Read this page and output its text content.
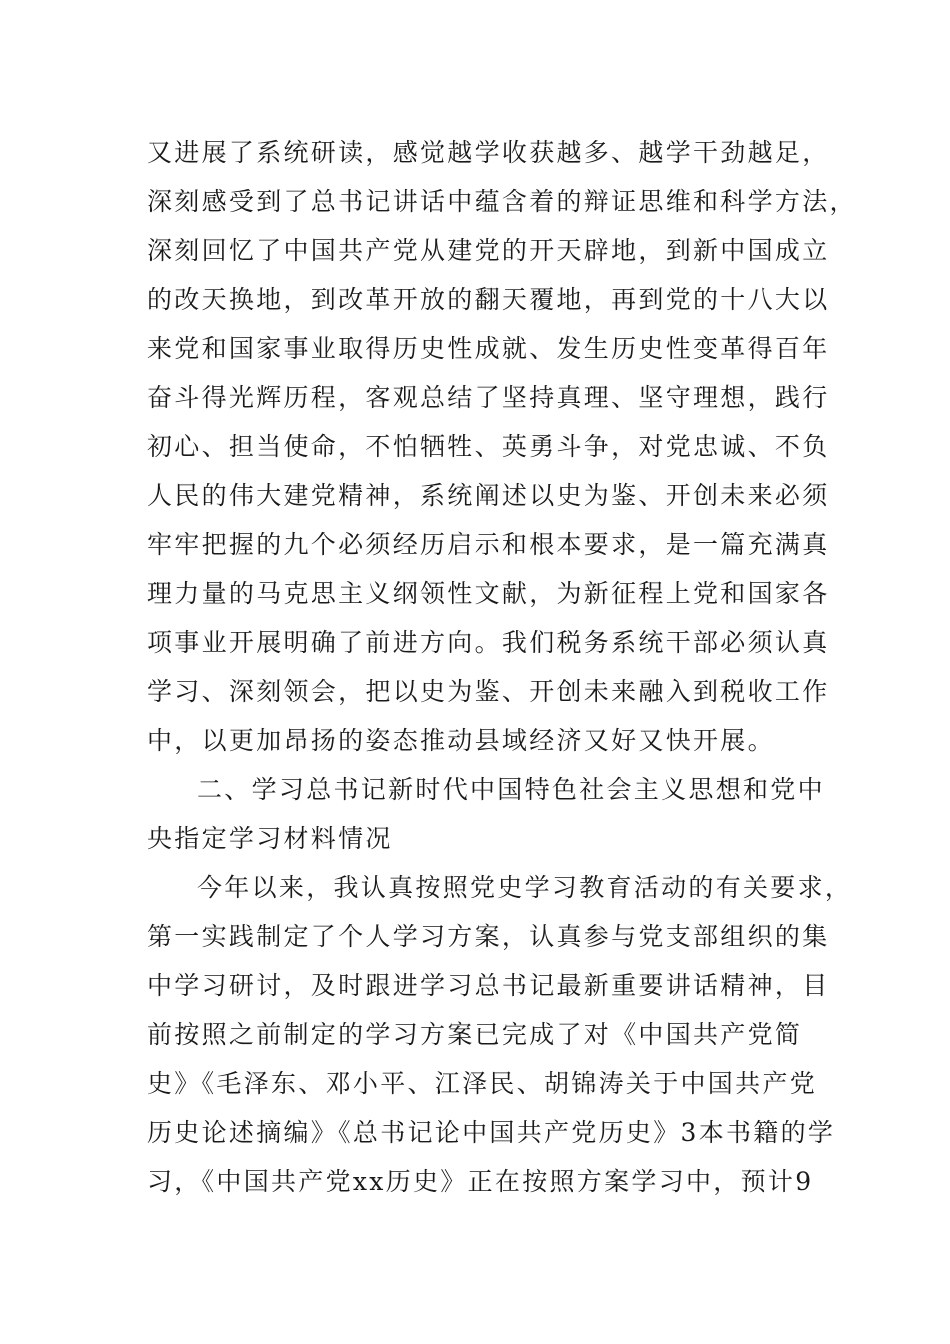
又进展了系统研读，感觉越学收获越多、越学干劲越足，
深刻感受到了总书记讲话中蕴含着的辩证思维和科学方法，
深刻回忆了中国共产党从建党的开天辟地，到新中国成立
的改天换地，到改革开放的翻天覆地，再到党的十八大以
来党和国家事业取得历史性成就、发生历史性变革得百年
奋斗得光辉历程，客观总结了坚持真理、坚守理想，践行
初心、担当使命，不怕牺牲、英勇斗争，对党忠诚、不负
人民的伟大建党精神，系统阐述以史为鉴、开创未来必须
牢牢把握的九个必须经历启示和根本要求，是一篇充满真
理力量的马克思主义纲领性文献，为新征程上党和国家各
项事业开展明确了前进方向。我们税务系统干部必须认真
学习、深刻领会，把以史为鉴、开创未来融入到税收工作
中，以更加昂扬的姿态推动县域经济又好又快开展。
二、学习总书记新时代中国特色社会主义思想和党中
央指定学习材料情况
今年以来，我认真按照党史学习教育活动的有关要求，
第一实践制定了个人学习方案，认真参与党支部组织的集
中学习研讨，及时跟进学习总书记最新重要讲话精神，目
前按照之前制定的学习方案已完成了对《中国共产党简
史》《毛泽东、邓小平、江泽民、胡锦涛关于中国共产党
历史论述摘编》《总书记论中国共产党历史》3本书籍的学
习，《中国共产党xx历史》正在按照方案学习中，预计9
